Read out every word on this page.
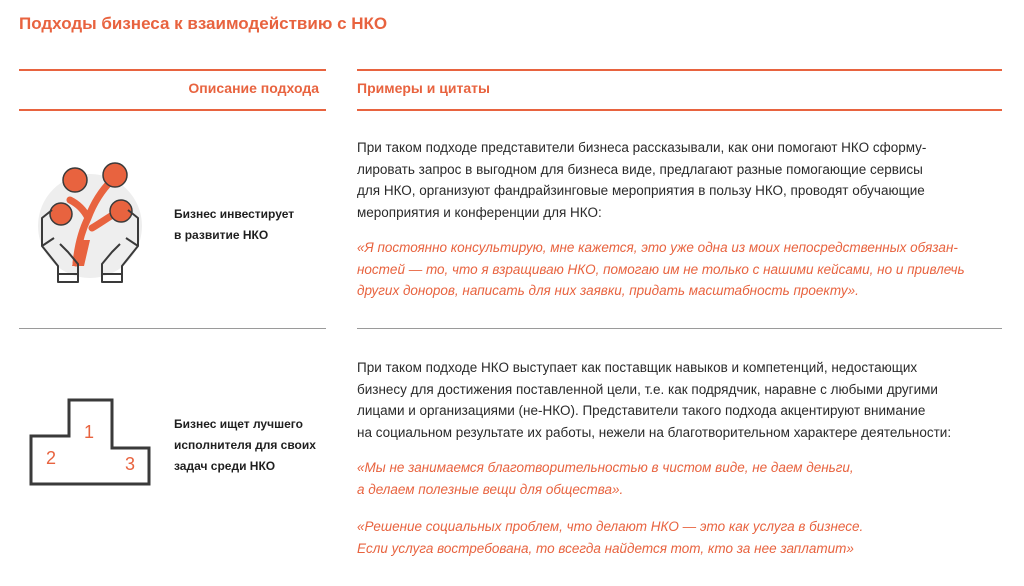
Подходы бизнеса к взаимодействию с НКО
Описание подхода	Примеры и цитаты
Бизнес инвестирует
в развитие НКО
При таком подходе представители бизнеса рассказывали, как они помогают НКО сформу-
лировать запрос в выгодном для бизнеса виде, предлагают разные помогающие сервисы
для НКО, организуют фандрайзинговые мероприятия в пользу НКО, проводят обучающие
мероприятия и конференции для НКО:
«Я постоянно консультирую, мне кажется, это уже одна из моих непосредственных обязан-
ностей — то, что я взращиваю НКО, помогаю им не только с нашими кейсами, но и привлечь
других доноров, написать для них заявки, придать масштабность проекту».
1
2	3
Бизнес ищет лучшего
исполнителя для своих
задач среди НКО
При таком подходе НКО выступает как поставщик навыков и компетенций, недостающих
бизнесу для достижения поставленной цели, т.е. как подрядчик, наравне с любыми другими
лицами и организациями (не-НКО). Представители такого подхода акцентируют внимание
на социальном результате их работы, нежели на благотворительном характере деятельности:
«Мы не занимаемся благотворительностью в чистом виде, не даем деньги,
а делаем полезные вещи для общества».
«Решение социальных проблем, что делают НКО — это как услуга в бизнесе.
Если услуга востребована, то всегда найдется тот, кто за нее заплатит»
